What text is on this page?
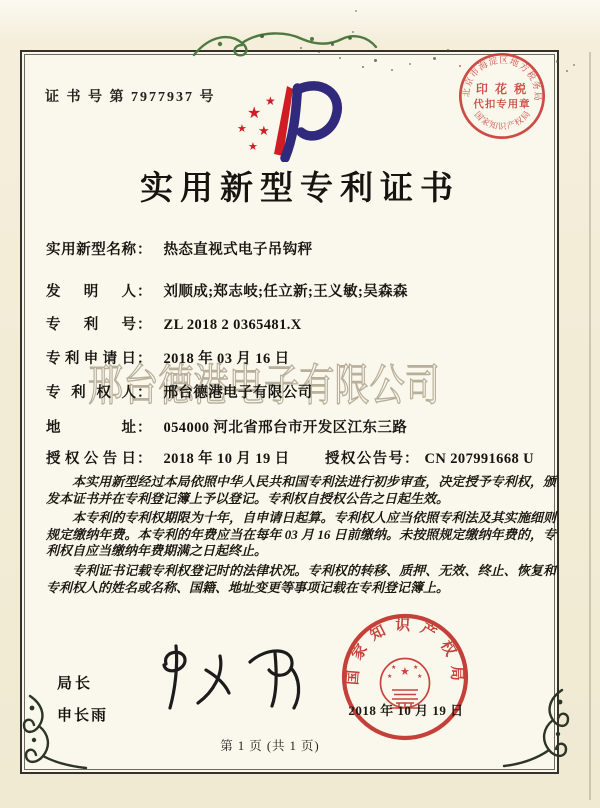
证 书 号 第 7977937 号
★
★
★ ★
★
实用新型专利证书
北京市海淀区地方税务局
国家知识产权局
印 花 税
代扣专用章
邢台德港电子有限公司
实用新型名称： 热态直视式电子吊钩秤
发明人： 刘顺成;郑志岐;任立新;王义敏;吴森森
专利号： ZL 2018 2 0365481.X
专利申请日： 2018 年 03 月 16 日
专利权人： 邢台德港电子有限公司
地址： 054000 河北省邢台市开发区江东三路
授权公告日： 2018 年 10 月 19 日 授权公告号： CN 207991668 U

本实用新型经过本局依照中华人民共和国专利法进行初步审查，决定授予专利权，颁发本证书并在专利登记簿上予以登记。专利权自授权公告之日起生效。

本专利的专利权期限为十年，自申请日起算。专利权人应当依照专利法及其实施细则规定缴纳年费。本专利的年费应当在每年 03 月 16 日前缴纳。未按照规定缴纳年费的，专利权自应当缴纳年费期满之日起终止。

专利证书记载专利权登记时的法律状况。专利权的转移、质押、无效、终止、恢复和专利权人的姓名或名称、国籍、地址变更等事项记载在专利登记簿上。

局长
申长雨
国家知识产权局
★
★	★
★	★
2018 年 10 月 19 日
第 1 页 (共 1 页)
